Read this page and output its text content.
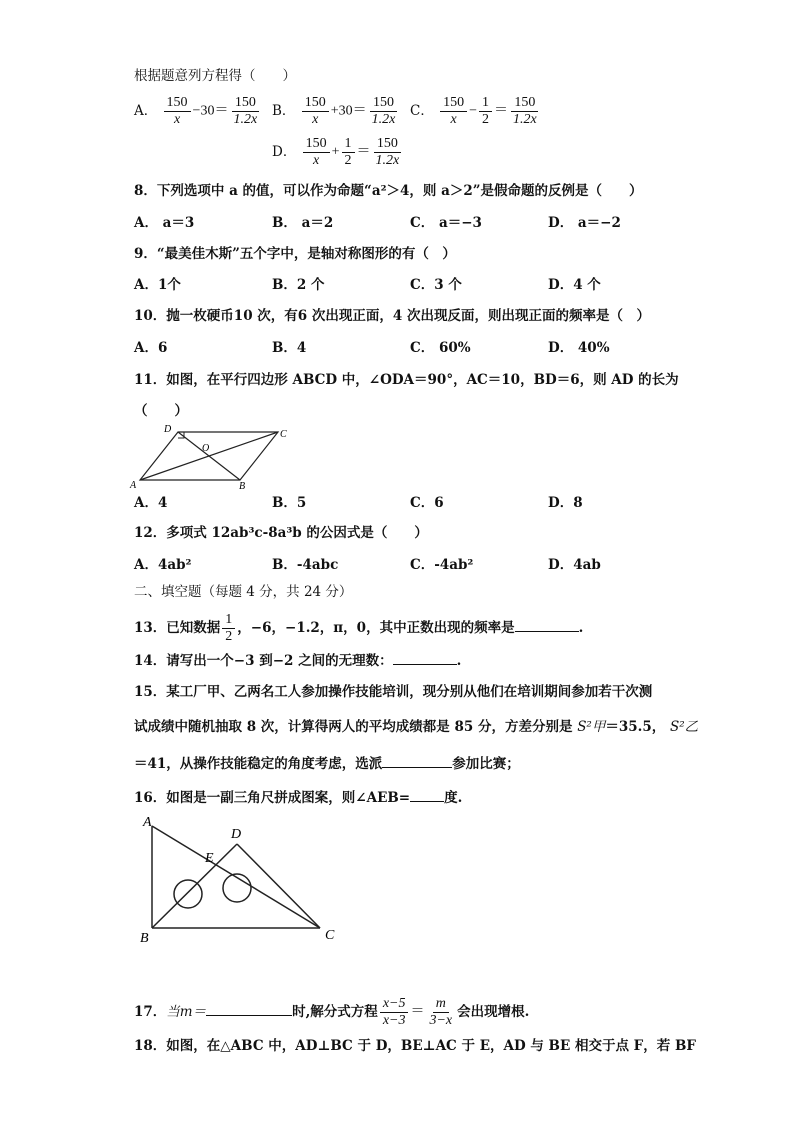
根据题意列方程得（　　）
A． $\frac{150}{x} -30= \frac{150}{1.2x}$ B． $\frac{150}{x} +30= \frac{150}{1.2x}$ C． $\frac{150}{x} - \frac{1}{2} = \frac{150}{1.2x}$
D． $\frac{150}{x} + \frac{1}{2} = \frac{150}{1.2x}$
8．下列选项中 a 的值，可以作为命题“a²＞4，则 a＞2”是假命题的反例是（　　）
A． a＝3	B． a＝2	C． a＝−3	D． a＝−2
9．“最美佳木斯”五个字中，是轴对称图形的有（　）
A．1个	B．2 个	C．3 个	D．4 个
10．抛一枚硬币10 次，有6 次出现正面，4 次出现反面，则出现正面的频率是（　）
A．6	B．4	C． 60%	D． 40%
11．如图，在平行四边形 ABCD 中，∠ODA＝90°，AC＝10，BD＝6，则 AD 的长为
（　　）
A	B
C
D
O
A．4	B．5	C．6	D．8
12．多项式 12ab³c-8a³b 的公因式是（　　）
A．4ab²	B．-4abc	C．-4ab²	D．4ab
二、填空题（每题 4 分，共 24 分）
13．已知数据 $\frac{1}{2}$ ，−6，−1.2，π，0，其中正数出现的频率是	.
14．请写出一个−3 到−2 之间的无理数：	.
15．某工厂甲、乙两名工人参加操作技能培训，现分别从他们在培训期间参加若干次测
试成绩中随机抽取 8 次，计算得两人的平均成绩都是 85 分，方差分别是 S²甲＝35.5， S²乙
＝41，从操作技能稳定的角度考虑，选派	参加比赛；
16．如图是一副三角尺拼成图案，则∠AEB=	度.
A
B	C
D
E
17．当m＝	时,解分式方程 $\frac{x-5}{x-3} = \frac{m}{3-x}$ 会出现增根.
18．如图，在△ABC 中，AD⊥BC 于 D，BE⊥AC 于 E，AD 与 BE 相交于点 F，若 BF
